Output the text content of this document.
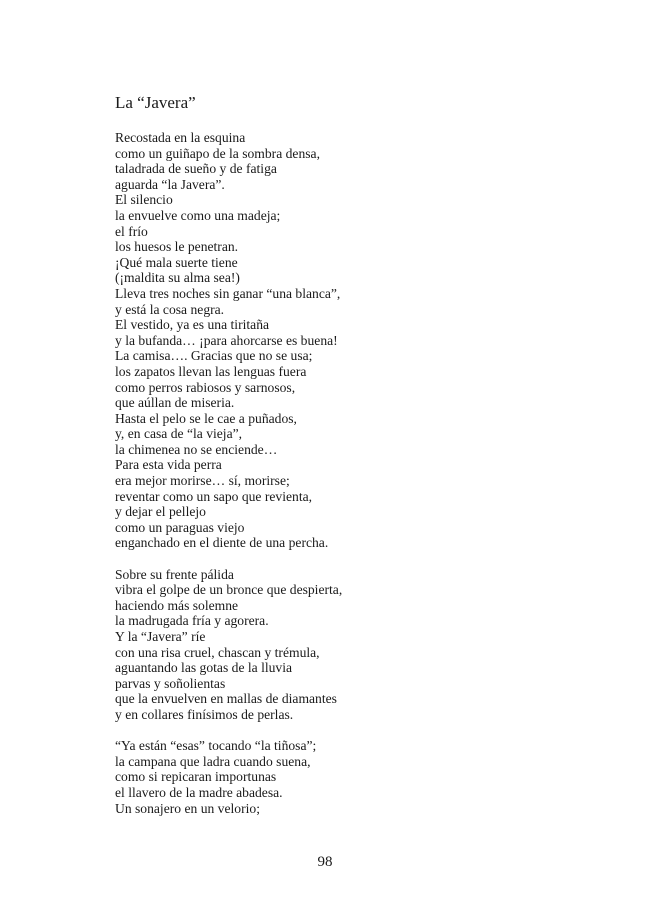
La “Javera”
Recostada en la esquina
como un guiñapo de la sombra densa,
taladrada de sueño y de fatiga
aguarda “la Javera”.
El silencio
la envuelve como una madeja;
el frío
los huesos le penetran.
¡Qué mala suerte tiene
(¡maldita su alma sea!)
Lleva tres noches sin ganar “una blanca”,
y está la cosa negra.
El vestido, ya es una tiritaña
y la bufanda… ¡para ahorcarse es buena!
La camisa…. Gracias que no se usa;
los zapatos llevan las lenguas fuera
como perros rabiosos y sarnosos,
que aúllan de miseria.
Hasta el pelo se le cae a puñados,
y, en casa de “la vieja”,
la chimenea no se enciende…
Para esta vida perra
era mejor morirse… sí, morirse;
reventar como un sapo que revienta,
y dejar el pellejo
como un paraguas viejo
enganchado en el diente de una percha.
Sobre su frente pálida
vibra el golpe de un bronce que despierta,
haciendo más solemne
la madrugada fría y agorera.
Y la “Javera” ríe
con una risa cruel, chascan y trémula,
aguantando las gotas de la lluvia
parvas y soñolientas
que la envuelven en mallas de diamantes
y en collares finísimos de perlas.
“Ya están “esas” tocando “la tiñosa”;
la campana que ladra cuando suena,
como si repicaran importunas
el llavero de la madre abadesa.
Un sonajero en un velorio;
98
